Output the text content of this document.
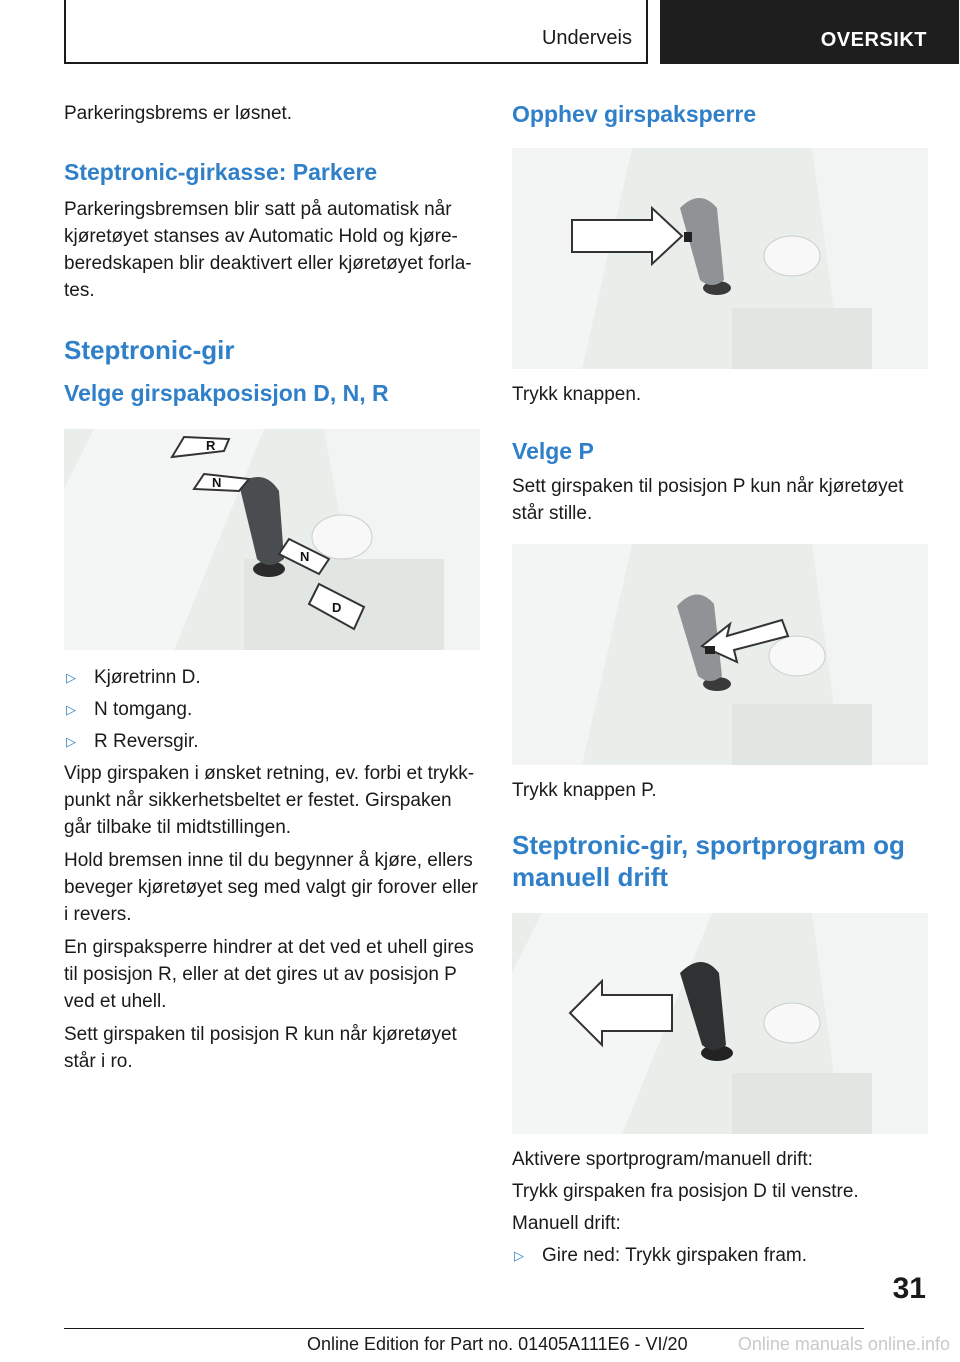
Underveis	OVERSIKT

Parkeringsbrems er løsnet.

Steptronic-girkasse: Parkere

Parkeringsbremsen blir satt på automatisk når kjøretøyet stanses av Automatic Hold og kjøreberedskapen blir deaktivert eller kjøretøyet forlates.

Steptronic-gir
Velge girspakposisjon D, N, R
R
N
N
D
▷ Kjøretrinn D.
▷ N tomgang.
▷ R Reversgir.

Vipp girspaken i ønsket retning, ev. forbi et trykkpunkt når sikkerhetsbeltet er festet. Girspaken går tilbake til midtstillingen.

Hold bremsen inne til du begynner å kjøre, ellers beveger kjøretøyet seg med valgt gir forover eller i revers.

En girspaksperre hindrer at det ved et uhell gires til posisjon R, eller at det gires ut av posisjon P ved et uhell.

Sett girspaken til posisjon R kun når kjøretøyet står i ro.

Opphev girspaksperre

Trykk knappen.

Velge P

Sett girspaken til posisjon P kun når kjøretøyet står stille.

Trykk knappen P.

Steptronic-gir, sportprogram og manuell drift

Aktivere sportprogram/manuell drift:

Trykk girspaken fra posisjon D til venstre.

Manuell drift:

▷ Gire ned: Trykk girspaken fram.
31
Online Edition for Part no. 01405A111E6 - VI/20	Online manuals online.info
